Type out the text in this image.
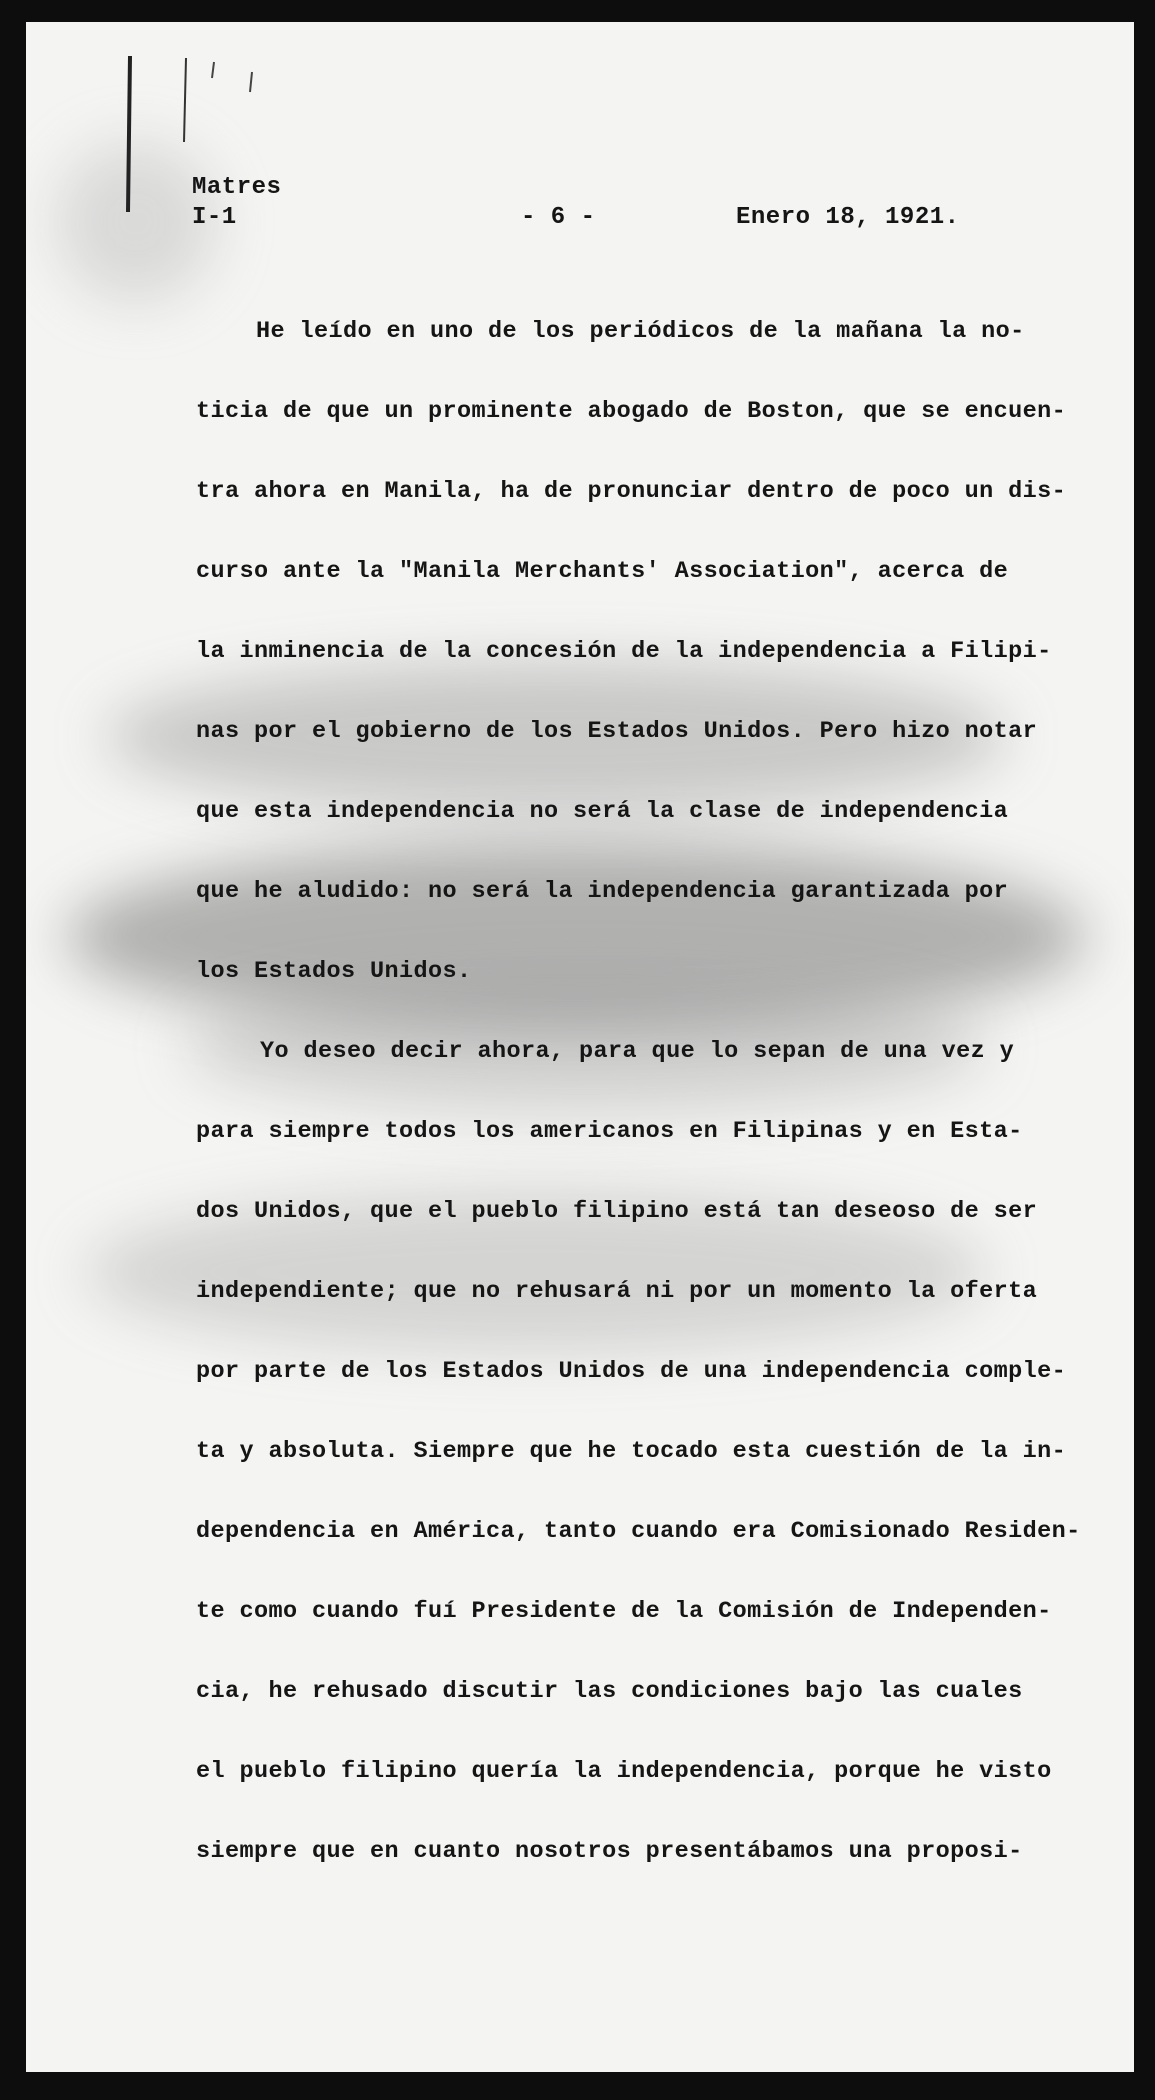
Matres
I-1	- 6 -	Enero 18, 1921.
He leído en uno de los periódicos de la mañana la no-
ticia de que un prominente abogado de Boston, que se encuen-
tra ahora en Manila, ha de pronunciar dentro de poco un dis-
curso ante la "Manila Merchants' Association", acerca de
la inminencia de la concesión de la independencia a Filipi-
nas por el gobierno de los Estados Unidos. Pero hizo notar
que esta independencia no será la clase de independencia
que he aludido: no será la independencia garantizada por
los Estados Unidos.
Yo deseo decir ahora, para que lo sepan de una vez y
para siempre todos los americanos en Filipinas y en Esta-
dos Unidos, que el pueblo filipino está tan deseoso de ser
independiente; que no rehusará ni por un momento la oferta
por parte de los Estados Unidos de una independencia comple-
ta y absoluta. Siempre que he tocado esta cuestión de la in-
dependencia en América, tanto cuando era Comisionado Residen-
te como cuando fuí Presidente de la Comisión de Independen-
cia, he rehusado discutir las condiciones bajo las cuales
el pueblo filipino quería la independencia, porque he visto
siempre que en cuanto nosotros presentábamos una proposi-
